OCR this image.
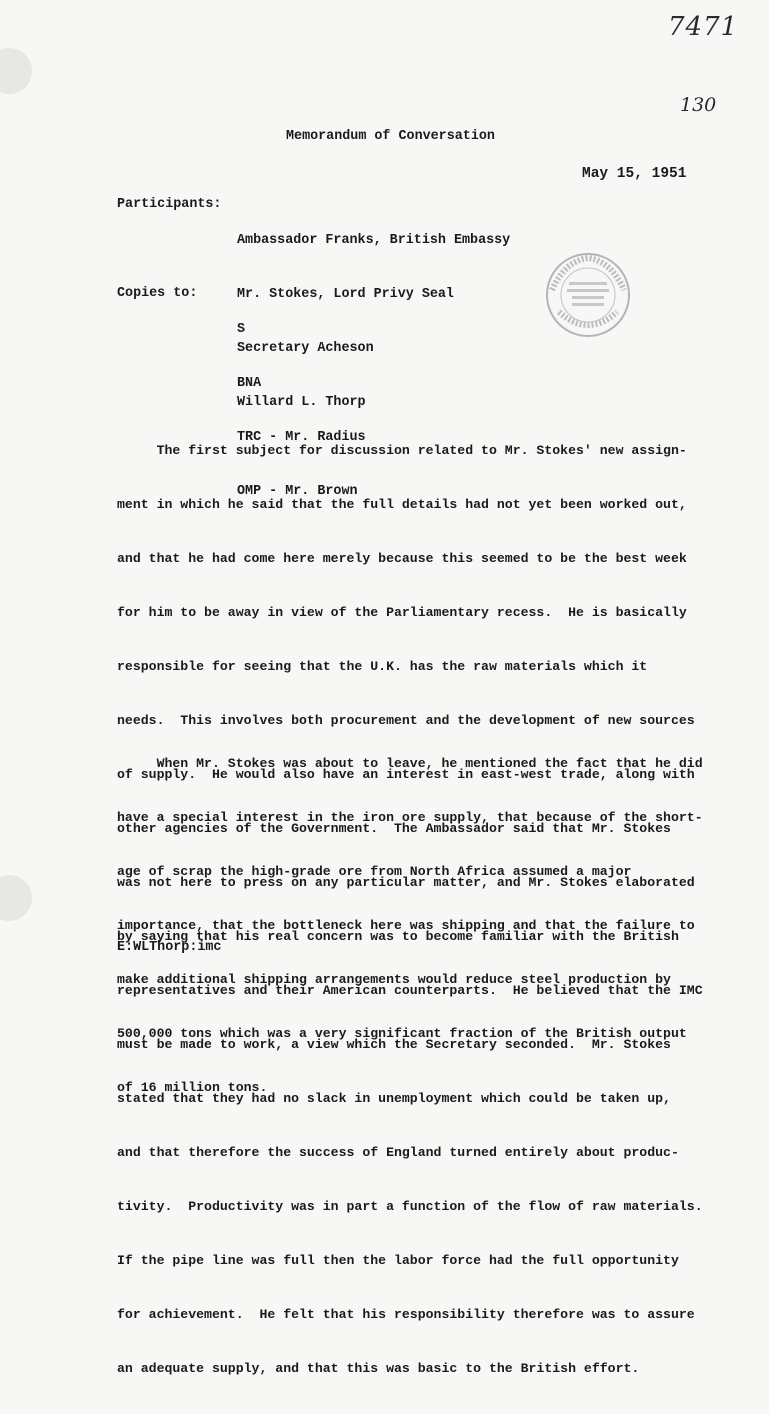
7471
130
Memorandum of Conversation
May 15, 1951
Participants:

Ambassador Franks, British Embassy

Mr. Stokes, Lord Privy Seal

Secretary Acheson

Willard L. Thorp

Copies to:

S

BNA

TRC - Mr. Radius

OMP - Mr. Brown

The first subject for discussion related to Mr. Stokes' new assign-

ment in which he said that the full details had not yet been worked out,

and that he had come here merely because this seemed to be the best week

for him to be away in view of the Parliamentary recess.  He is basically

responsible for seeing that the U.K. has the raw materials which it

needs.  This involves both procurement and the development of new sources

of supply.  He would also have an interest in east-west trade, along with

other agencies of the Government.  The Ambassador said that Mr. Stokes

was not here to press on any particular matter, and Mr. Stokes elaborated

by saying that his real concern was to become familiar with the British

representatives and their American counterparts.  He believed that the IMC

must be made to work, a view which the Secretary seconded.  Mr. Stokes

stated that they had no slack in unemployment which could be taken up,

and that therefore the success of England turned entirely about produc-

tivity.  Productivity was in part a function of the flow of raw materials.

If the pipe line was full then the labor force had the full opportunity

for achievement.  He felt that his responsibility therefore was to assure

an adequate supply, and that this was basic to the British effort.

When Mr. Stokes was about to leave, he mentioned the fact that he did

have a special interest in the iron ore supply, that because of the short-

age of scrap the high-grade ore from North Africa assumed a major

importance, that the bottleneck here was shipping and that the failure to

make additional shipping arrangements would reduce steel production by

500,000 tons which was a very significant fraction of the British output

of 16 million tons.

E:WLThorp:imc
